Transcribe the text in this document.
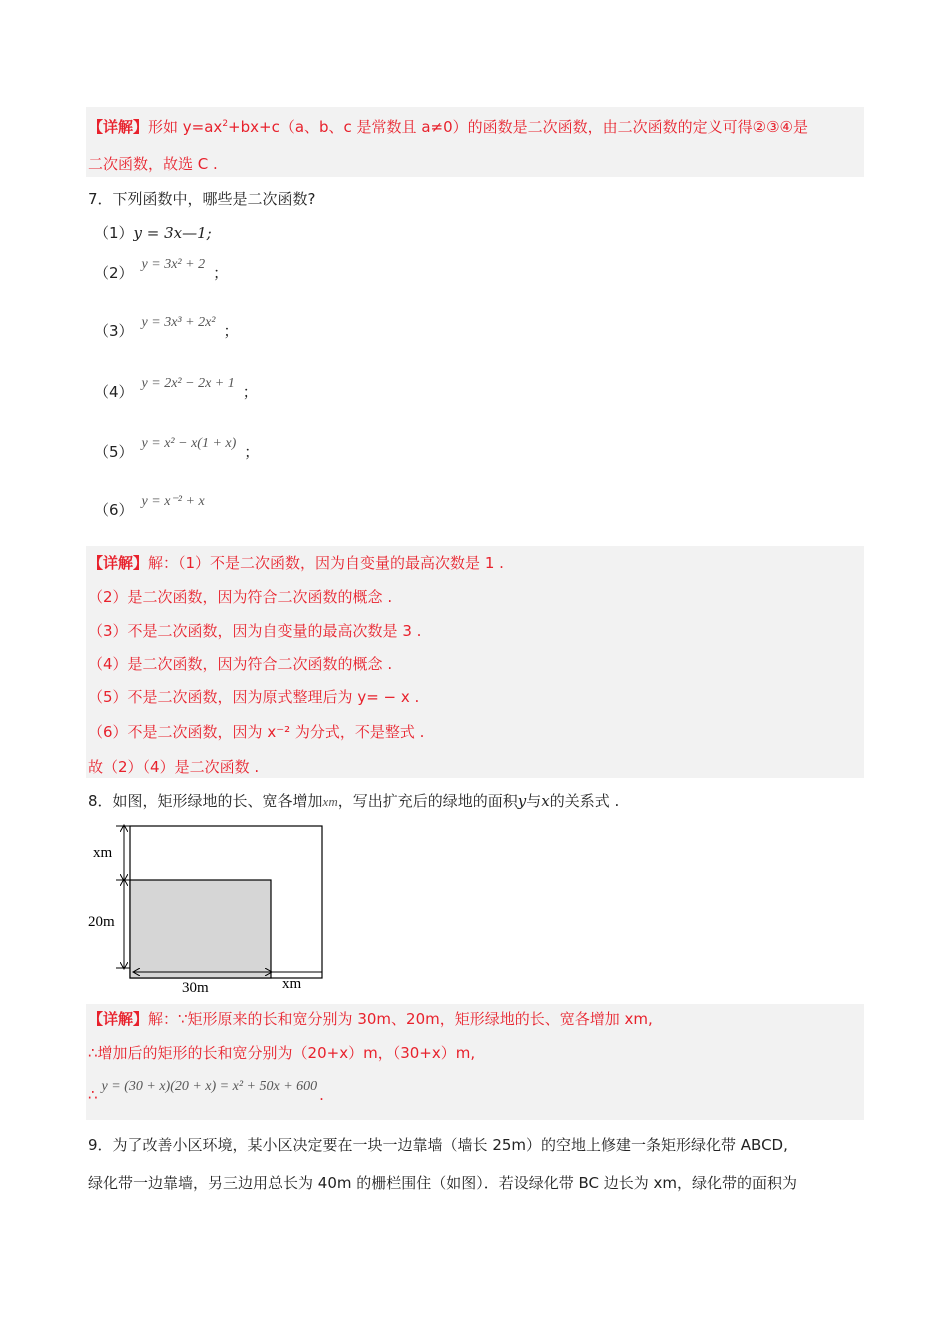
【详解】形如 $y=ax^2+bx+c(a$、b、c 是常数且 a≠0）的函数是二次函数，由二次函数的定义可得②③④是
二次函数，故选 C .
7．下列函数中，哪些是二次函数?
（1）y = 3x—1;
（2） y = 3x² + 2 ；
（3） y = 3x³ + 2x² ；
（4） y = 2x² − 2x + 1 ；
（5） y = x² − x(1 + x) ；
（6） y = x⁻² + x
【详解】解：（1）不是二次函数，因为自变量的最高次数是 1 .
（2）是二次函数，因为符合二次函数的概念 .
（3）不是二次函数，因为自变量的最高次数是 3 .
（4）是二次函数，因为符合二次函数的概念 .
（5）不是二次函数，因为原式整理后为 y= − x .
（6）不是二次函数，因为 x⁻² 为分式，不是整式 .
故（2）（4）是二次函数 .
8．如图，矩形绿地的长、宽各增加xm，写出扩充后的绿地的面积y与x的关系式 .
xm
20m
30m	xm
【详解】解：∵矩形原来的长和宽分别为 30m、20m，矩形绿地的长、宽各增加 xm,
∴增加后的矩形的长和宽分别为（20+x）m，（30+x）m,
∴ y = (30 + x)(20 + x) = x² + 50x + 600 .
9．为了改善小区环境，某小区决定要在一块一边靠墙（墙长 25m）的空地上修建一条矩形绿化带 ABCD,
绿化带一边靠墙，另三边用总长为 40m 的栅栏围住（如图）．若设绿化带 BC 边长为 xm，绿化带的面积为
